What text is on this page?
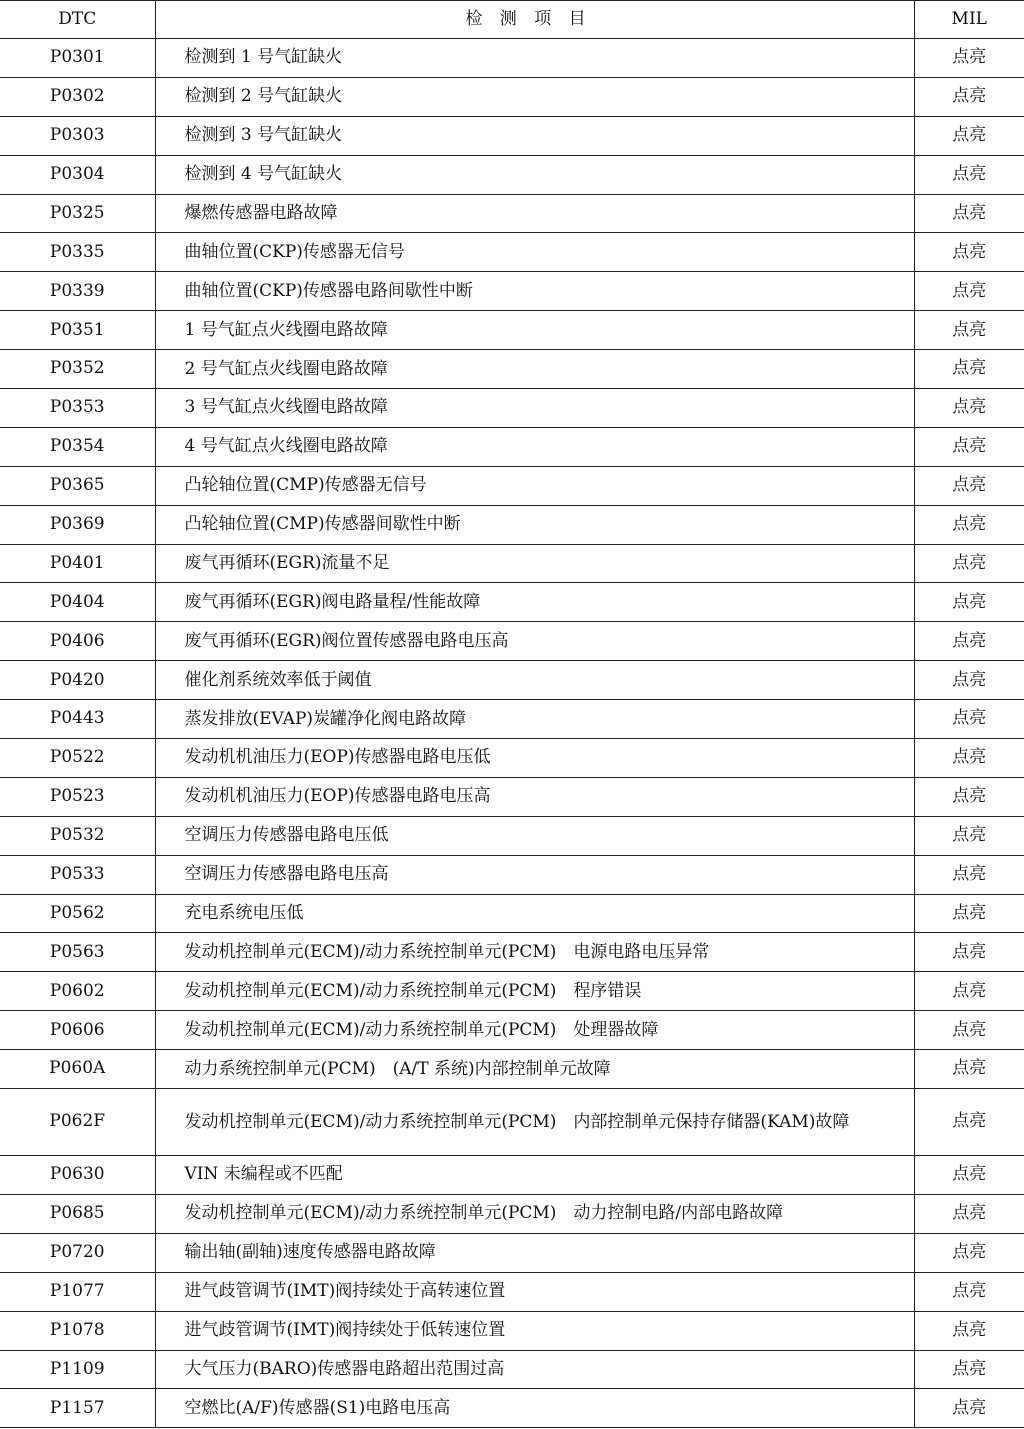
DTC	检 测 项 目	MIL
P0301	检测到 1 号气缸缺火	点亮
P0302	检测到 2 号气缸缺火	点亮
P0303	检测到 3 号气缸缺火	点亮
P0304	检测到 4 号气缸缺火	点亮
P0325	爆燃传感器电路故障	点亮
P0335	曲轴位置(CKP)传感器无信号	点亮
P0339	曲轴位置(CKP)传感器电路间歇性中断	点亮
P0351	1 号气缸点火线圈电路故障	点亮
P0352	2 号气缸点火线圈电路故障	点亮
P0353	3 号气缸点火线圈电路故障	点亮
P0354	4 号气缸点火线圈电路故障	点亮
P0365	凸轮轴位置(CMP)传感器无信号	点亮
P0369	凸轮轴位置(CMP)传感器间歇性中断	点亮
P0401	废气再循环(EGR)流量不足	点亮
P0404	废气再循环(EGR)阀电路量程/性能故障	点亮
P0406	废气再循环(EGR)阀位置传感器电路电压高	点亮
P0420	催化剂系统效率低于阈值	点亮
P0443	蒸发排放(EVAP)炭罐净化阀电路故障	点亮
P0522	发动机机油压力(EOP)传感器电路电压低	点亮
P0523	发动机机油压力(EOP)传感器电路电压高	点亮
P0532	空调压力传感器电路电压低	点亮
P0533	空调压力传感器电路电压高	点亮
P0562	充电系统电压低	点亮
P0563	发动机控制单元(ECM)/动力系统控制单元(PCM)　电源电路电压异常	点亮
P0602	发动机控制单元(ECM)/动力系统控制单元(PCM)　程序错误	点亮
P0606	发动机控制单元(ECM)/动力系统控制单元(PCM)　处理器故障	点亮
P060A	动力系统控制单元(PCM)　(A/T 系统)内部控制单元故障	点亮
P062F	发动机控制单元(ECM)/动力系统控制单元(PCM)　内部控制单元保持存储器(KAM)故障	点亮
P0630	VIN 未编程或不匹配	点亮
P0685	发动机控制单元(ECM)/动力系统控制单元(PCM)　动力控制电路/内部电路故障	点亮
P0720	输出轴(副轴)速度传感器电路故障	点亮
P1077	进气歧管调节(IMT)阀持续处于高转速位置	点亮
P1078	进气歧管调节(IMT)阀持续处于低转速位置	点亮
P1109	大气压力(BARO)传感器电路超出范围过高	点亮
P1157	空燃比(A/F)传感器(S1)电路电压高	点亮
